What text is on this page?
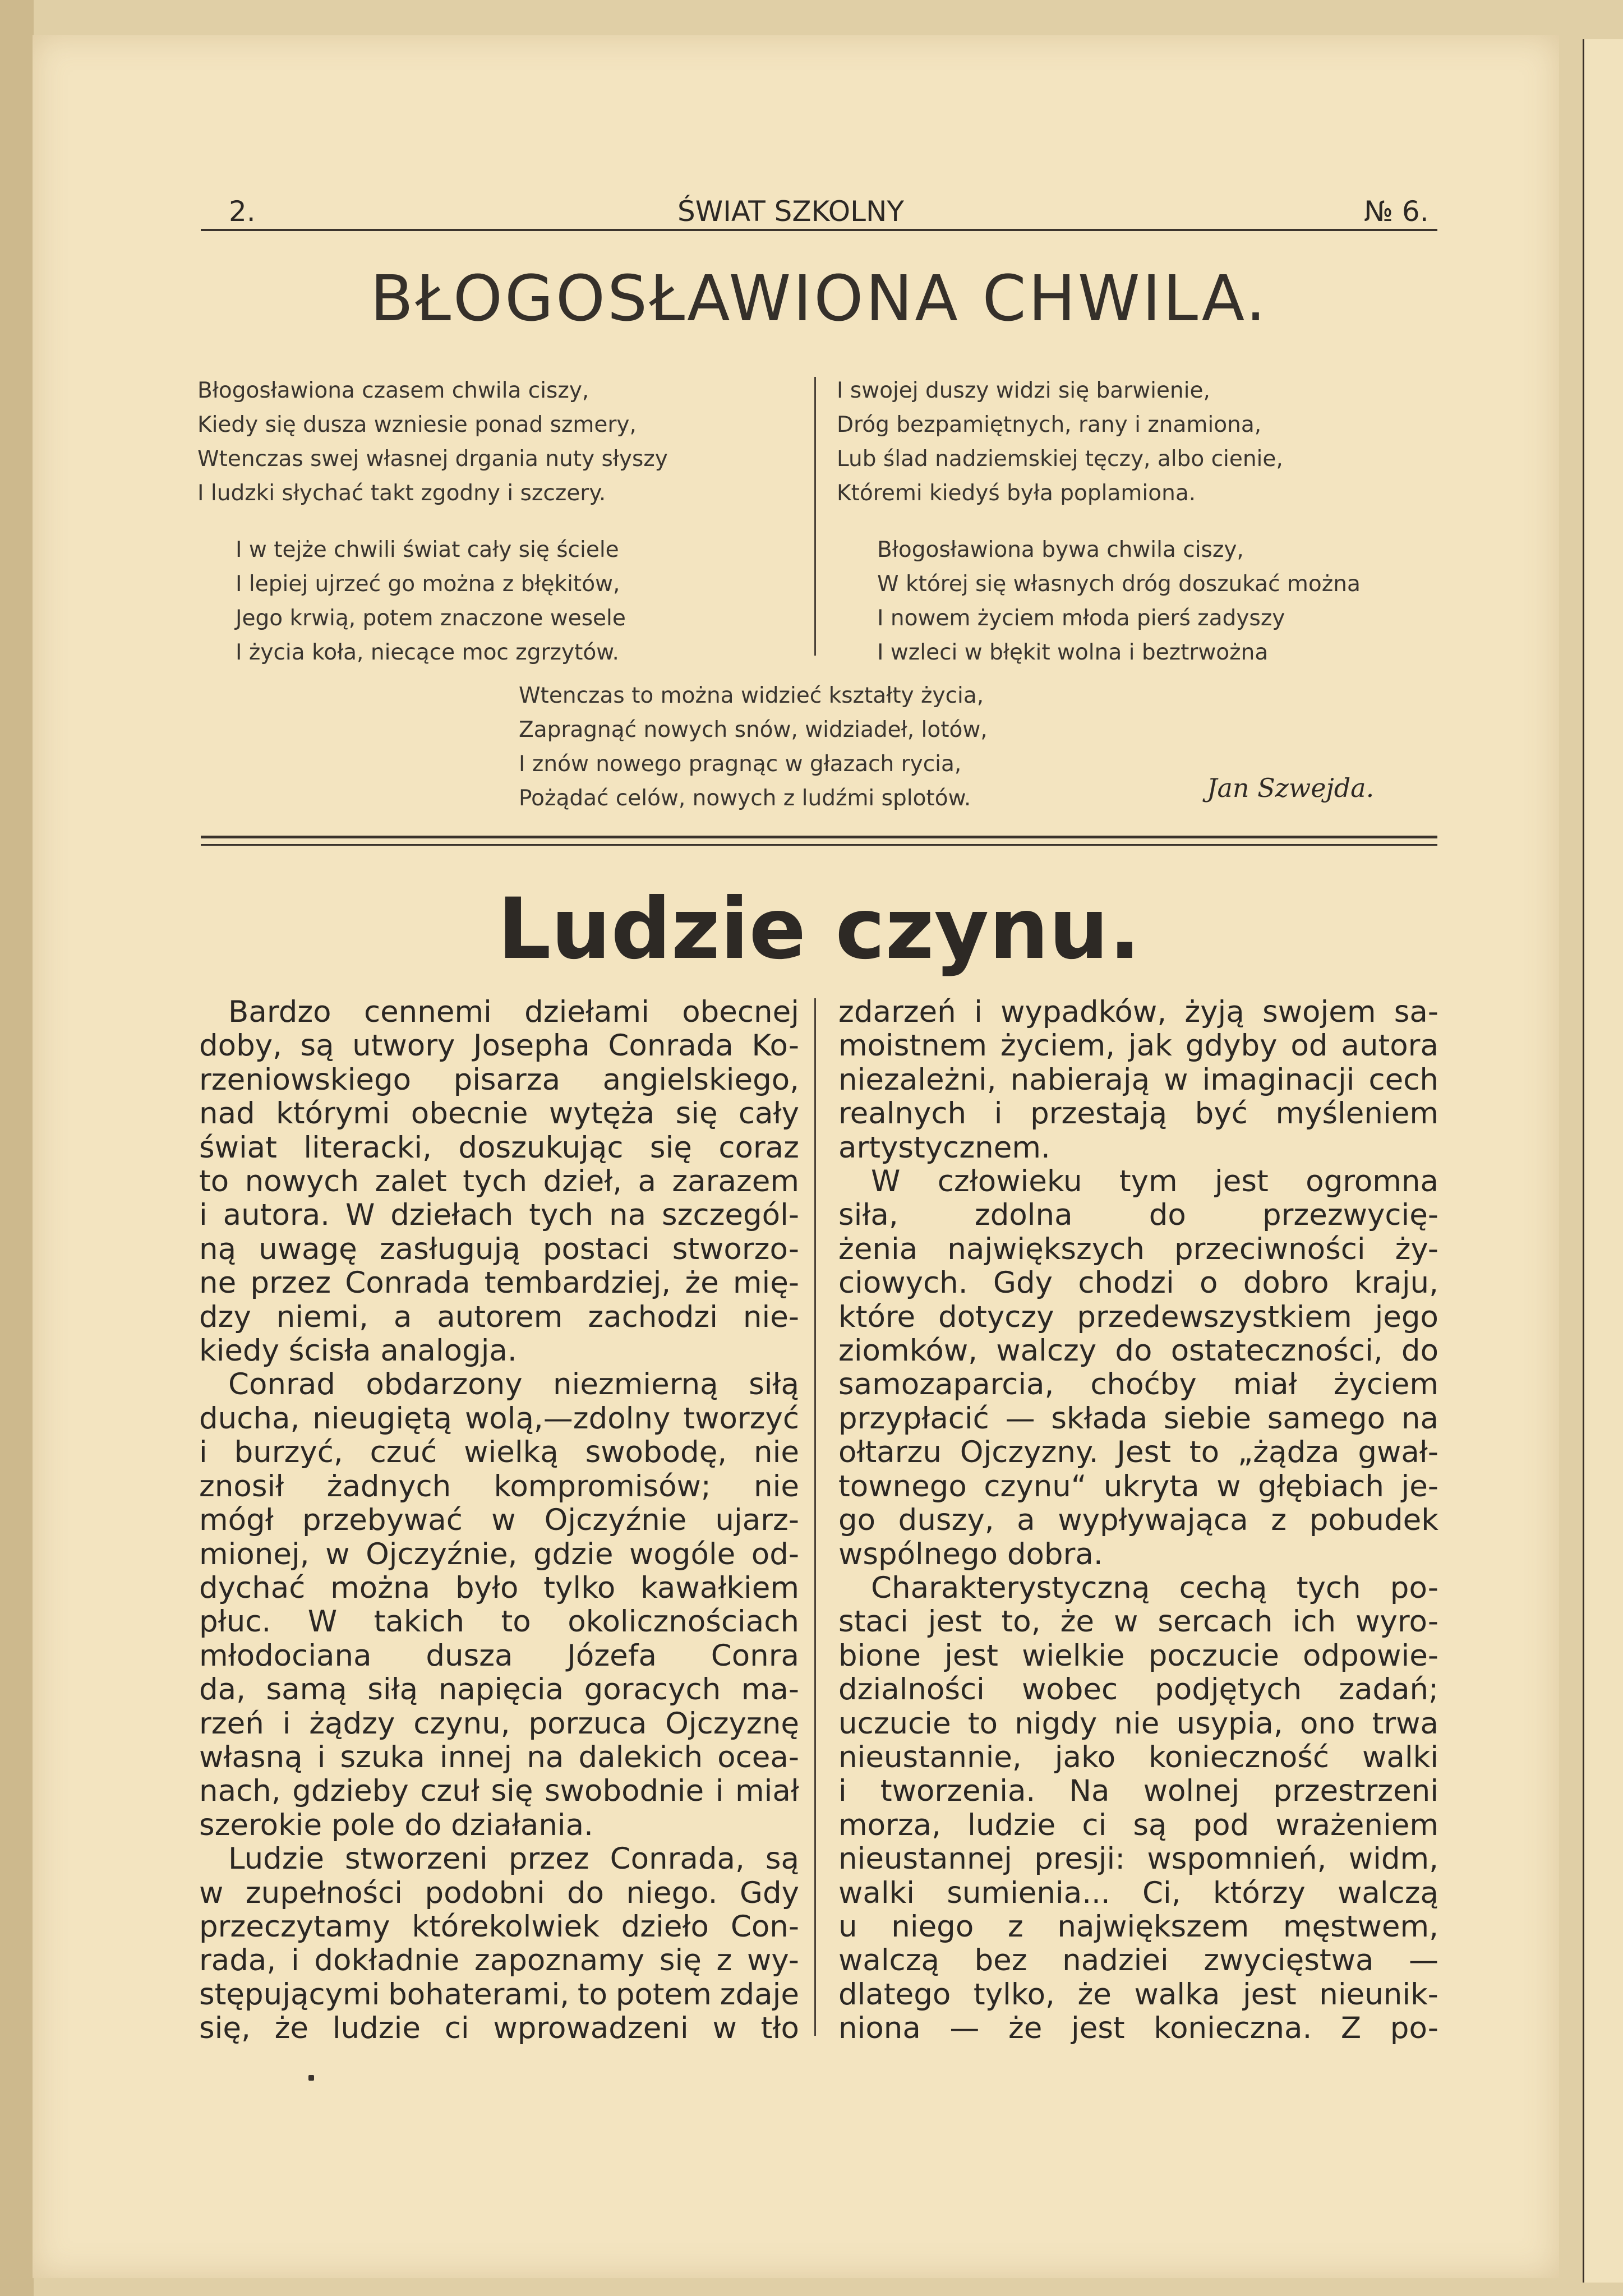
2.	ŚWIAT SZKOLNY	№ 6.
BŁOGOSŁAWIONA CHWILA.
Błogosławiona czasem chwila ciszy,
Kiedy się dusza wzniesie ponad szmery,
Wtenczas swej własnej drgania nuty słyszy
I ludzki słychać takt zgodny i szczery.
I w tejże chwili świat cały się ściele
I lepiej ujrzeć go można z błękitów,
Jego krwią, potem znaczone wesele
I życia koła, niecące moc zgrzytów.
I swojej duszy widzi się barwienie,
Dróg bezpamiętnych, rany i znamiona,
Lub ślad nadziemskiej tęczy, albo cienie,
Któremi kiedyś była poplamiona.
Błogosławiona bywa chwila ciszy,
W której się własnych dróg doszukać można
I nowem życiem młoda pierś zadyszy
I wzleci w błękit wolna i beztrwożna
Wtenczas to można widzieć kształty życia,
Zapragnąć nowych snów, widziadeł, lotów,
I znów nowego pragnąc w głazach rycia,
Pożądać celów, nowych z ludźmi splotów.	Jan Szwejda.
Ludzie czynu.
Bardzo cennemi dziełami obecnej
doby, są utwory Josepha Conrada Ko-
rzeniowskiego pisarza angielskiego,
nad którymi obecnie wytęża się cały
świat literacki, doszukując się coraz
to nowych zalet tych dzieł, a zarazem
i autora. W dziełach tych na szczegól-
ną uwagę zasługują postaci stworzo-
ne przez Conrada tembardziej, że mię-
dzy niemi, a autorem zachodzi nie-
kiedy ścisła analogja.
Conrad obdarzony niezmierną siłą
ducha, nieugiętą wolą,—zdolny tworzyć
i burzyć, czuć wielką swobodę, nie
znosił żadnych kompromisów; nie
mógł przebywać w Ojczyźnie ujarz-
mionej, w Ojczyźnie, gdzie wogóle od-
dychać można było tylko kawałkiem
płuc. W takich to okolicznościach
młodociana dusza Józefa Conra
da, samą siłą napięcia goracych ma-
rzeń i żądzy czynu, porzuca Ojczyznę
własną i szuka innej na dalekich ocea-
nach, gdzieby czuł się swobodnie i miał
szerokie pole do działania.
Ludzie stworzeni przez Conrada, są
w zupełności podobni do niego. Gdy
przeczytamy którekolwiek dzieło Con-
rada, i dokładnie zapoznamy się z wy-
stępującymi bohaterami, to potem zdaje
się, że ludzie ci wprowadzeni w tło
zdarzeń i wypadków, żyją swojem sa-
moistnem życiem, jak gdyby od autora
niezależni, nabierają w imaginacji cech
realnych i przestają być myśleniem
artystycznem.
W człowieku tym jest ogromna
siła,	zdolna	do	przezwycię-
żenia największych przeciwności ży-
ciowych. Gdy chodzi o dobro kraju,
które dotyczy przedewszystkiem jego
ziomków, walczy do ostateczności, do
samozaparcia, choćby miał życiem
przypłacić — składa siebie samego na
ołtarzu Ojczyzny. Jest to „żądza gwał-
townego czynu“ ukryta w głębiach je-
go duszy, a wypływająca z pobudek
wspólnego dobra.
Charakterystyczną cechą tych po-
staci jest to, że w sercach ich wyro-
bione jest wielkie poczucie odpowie-
dzialności wobec podjętych zadań;
uczucie to nigdy nie usypia, ono trwa
nieustannie, jako konieczność walki
i tworzenia. Na wolnej przestrzeni
morza, ludzie ci są pod wrażeniem
nieustannej presji: wspomnień, widm,
walki sumienia... Ci, którzy walczą
u niego z największem męstwem,
walczą bez nadziei zwycięstwa —
dlatego tylko, że walka jest nieunik-
niona — że jest konieczna. Z po-
